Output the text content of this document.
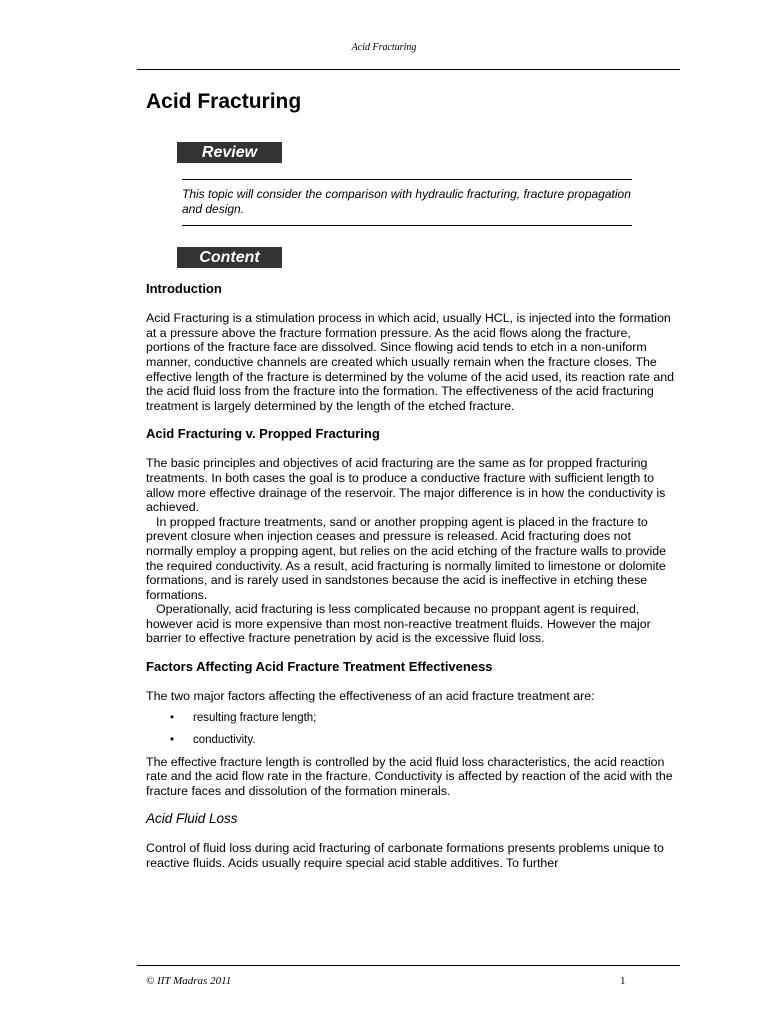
Acid Fracturing
Acid Fracturing
Review
This topic will consider the comparison with hydraulic fracturing, fracture propagation and design.
Content
Introduction

Acid Fracturing is a stimulation process in which acid, usually HCL, is injected into the formation at a pressure above the fracture formation pressure. As the acid flows along the fracture, portions of the fracture face are dissolved. Since flowing acid tends to etch in a non-uniform manner, conductive channels are created which usually remain when the fracture closes. The effective length of the fracture is determined by the volume of the acid used, its reaction rate and the acid fluid loss from the fracture into the formation. The effectiveness of the acid fracturing treatment is largely determined by the length of the etched fracture.

Acid Fracturing v. Propped Fracturing

The basic principles and objectives of acid fracturing are the same as for propped fracturing treatments. In both cases the goal is to produce a conductive fracture with sufficient length to allow more effective drainage of the reservoir. The major difference is in how the conductivity is achieved.

In propped fracture treatments, sand or another propping agent is placed in the fracture to prevent closure when injection ceases and pressure is released. Acid fracturing does not normally employ a propping agent, but relies on the acid etching of the fracture walls to provide the required conductivity. As a result, acid fracturing is normally limited to limestone or dolomite formations, and is rarely used in sandstones because the acid is ineffective in etching these formations.

Operationally, acid fracturing is less complicated because no proppant agent is required, however acid is more expensive than most non-reactive treatment fluids. However the major barrier to effective fracture penetration by acid is the excessive fluid loss.

Factors Affecting Acid Fracture Treatment Effectiveness

The two major factors affecting the effectiveness of an acid fracture treatment are:

• resulting fracture length;
• conductivity.

The effective fracture length is controlled by the acid fluid loss characteristics, the acid reaction rate and the acid flow rate in the fracture. Conductivity is affected by reaction of the acid with the fracture faces and dissolution of the formation minerals.

Acid Fluid Loss

Control of fluid loss during acid fracturing of carbonate formations presents problems unique to reactive fluids. Acids usually require special acid stable additives. To further

© IIT Madras 2011	1
